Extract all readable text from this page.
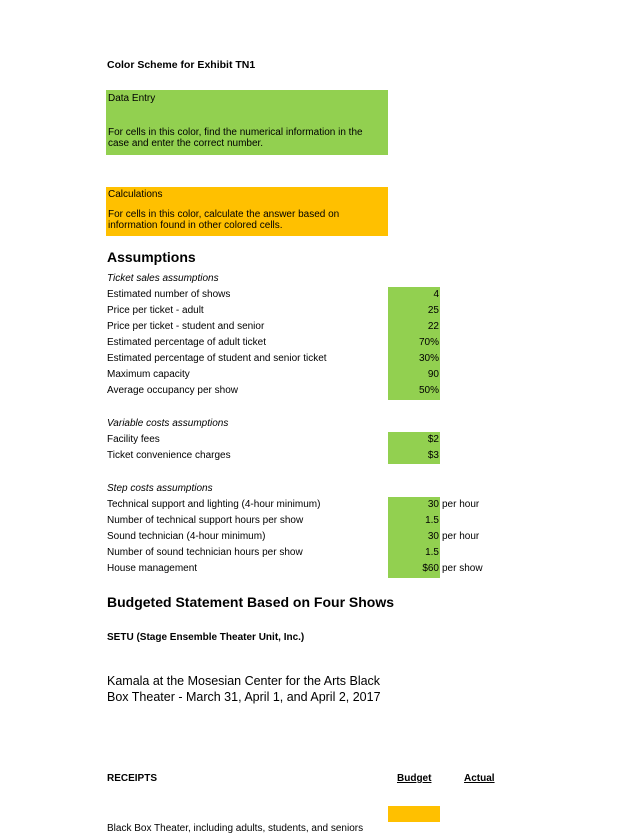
Color Scheme for Exhibit TN1
Data Entry
For cells in this color, find the numerical information in the case and enter the correct number.
Calculations
For cells in this color, calculate the answer based on information found in other colored cells.
Assumptions
Ticket sales assumptions
Estimated number of shows	4
Price per ticket - adult	25
Price per ticket - student and senior	22
Estimated percentage of adult ticket	70%
Estimated percentage of student and senior ticket	30%
Maximum capacity	90
Average occupancy per show	50%
Variable costs assumptions
Facility fees	$2
Ticket convenience charges	$3
Step costs assumptions
Technical support and lighting (4-hour minimum)	30 per hour
Number of technical support hours per show	1.5
Sound technician (4-hour minimum)	30 per hour
Number of sound technician hours per show	1.5
House management	$60 per show
Budgeted Statement Based on Four Shows
SETU (Stage Ensemble Theater Unit, Inc.)
Kamala at the Mosesian Center for the Arts Black Box Theater - March 31, April 1, and April 2, 2017
RECEIPTS	Budget	Actual
Black Box Theater, including adults, students, and seniors
